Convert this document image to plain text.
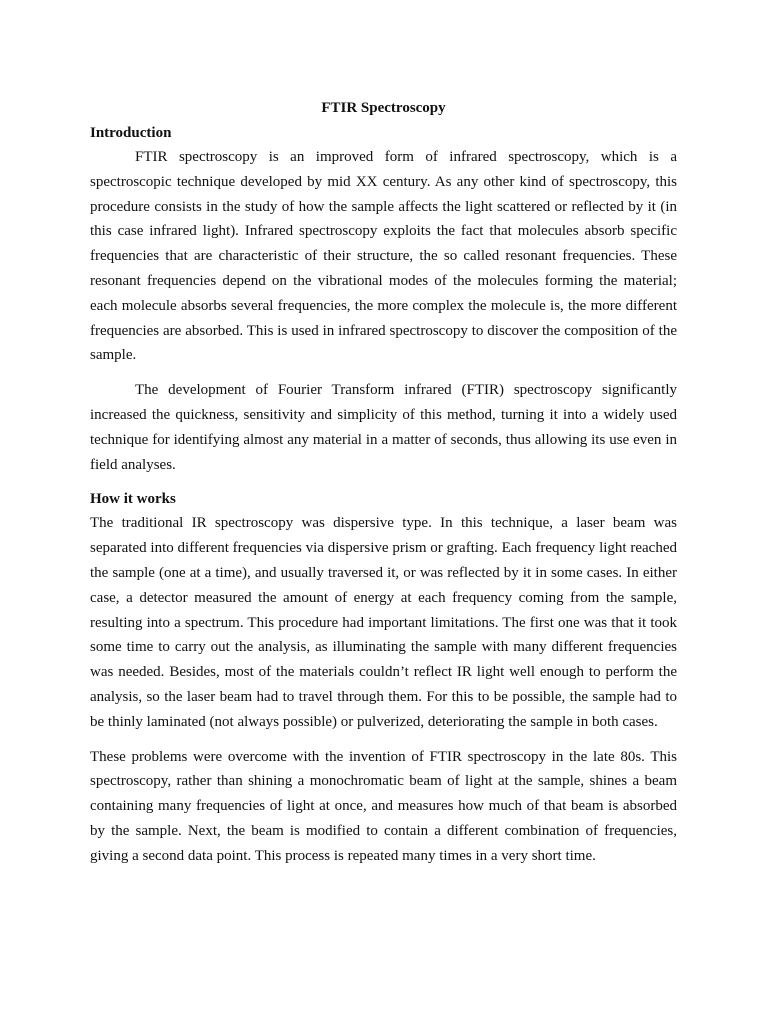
FTIR Spectroscopy

Introduction

FTIR spectroscopy is an improved form of infrared spectroscopy, which is a spectroscopic technique developed by mid XX century. As any other kind of spectroscopy, this procedure consists in the study of how the sample affects the light scattered or reflected by it (in this case infrared light). Infrared spectroscopy exploits the fact that molecules absorb specific frequencies that are characteristic of their structure, the so called resonant frequencies. These resonant frequencies depend on the vibrational modes of the molecules forming the material; each molecule absorbs several frequencies, the more complex the molecule is, the more different frequencies are absorbed. This is used in infrared spectroscopy to discover the composition of the sample.

The development of Fourier Transform infrared (FTIR) spectroscopy significantly increased the quickness, sensitivity and simplicity of this method, turning it into a widely used technique for identifying almost any material in a matter of seconds, thus allowing its use even in field analyses.

How it works

The traditional IR spectroscopy was dispersive type. In this technique, a laser beam was separated into different frequencies via dispersive prism or grafting. Each frequency light reached the sample (one at a time), and usually traversed it, or was reflected by it in some cases. In either case, a detector measured the amount of energy at each frequency coming from the sample, resulting into a spectrum. This procedure had important limitations. The first one was that it took some time to carry out the analysis, as illuminating the sample with many different frequencies was needed. Besides, most of the materials couldn’t reflect IR light well enough to perform the analysis, so the laser beam had to travel through them. For this to be possible, the sample had to be thinly laminated (not always possible) or pulverized, deteriorating the sample in both cases.

These problems were overcome with the invention of FTIR spectroscopy in the late 80s. This spectroscopy, rather than shining a monochromatic beam of light at the sample, shines a beam containing many frequencies of light at once, and measures how much of that beam is absorbed by the sample. Next, the beam is modified to contain a different combination of frequencies, giving a second data point. This process is repeated many times in a very short time.
